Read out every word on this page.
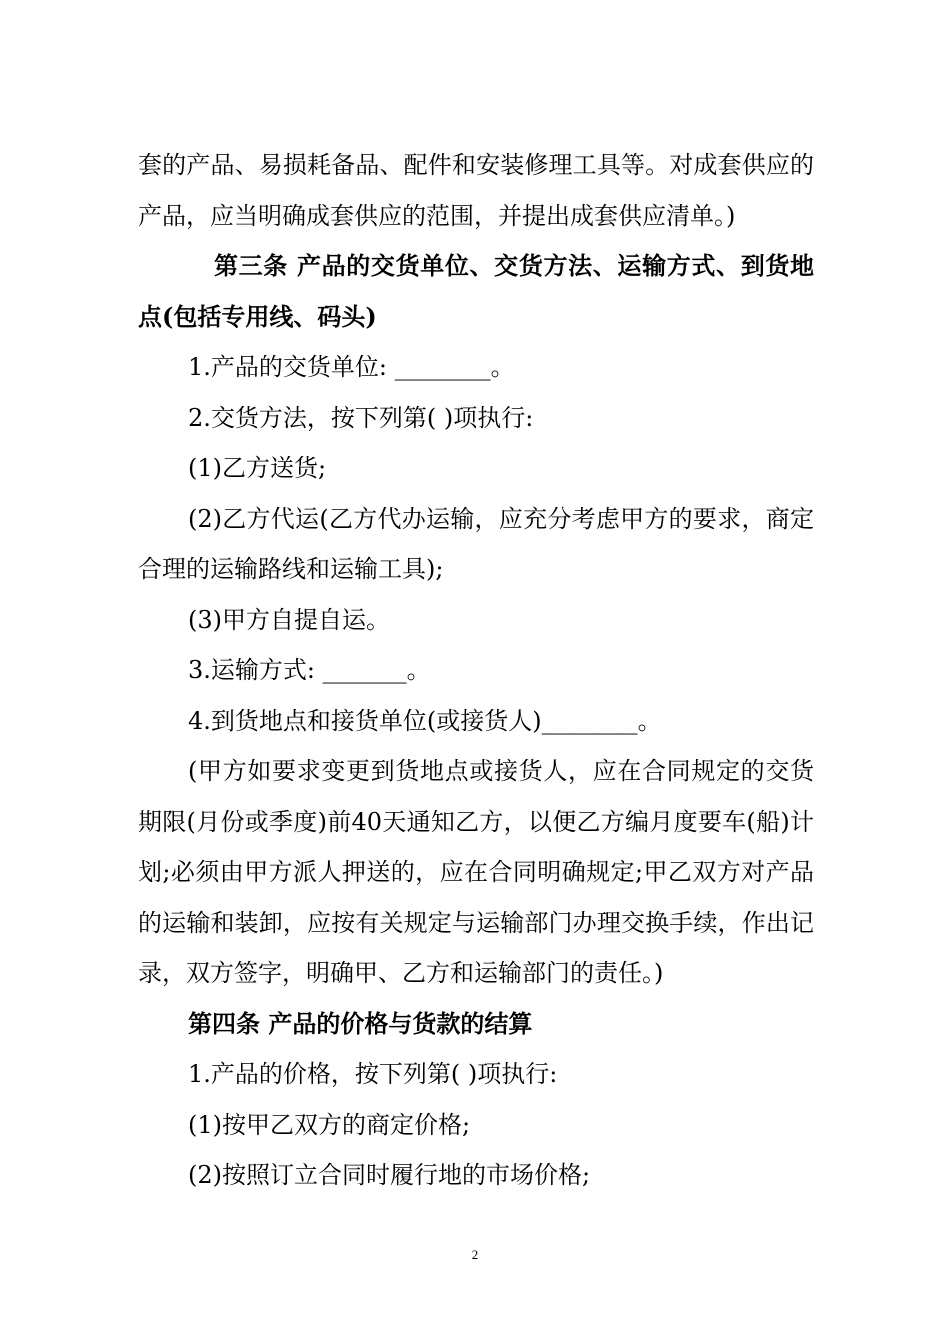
套的产品、易损耗备品、配件和安装修理工具等。对成套供应的产品，应当明确成套供应的范围，并提出成套供应清单。)

第三条 产品的交货单位、交货方法、运输方式、到货地点(包括专用线、码头)

1.产品的交货单位: ________。

2.交货方法，按下列第( )项执行:

(1)乙方送货;

(2)乙方代运(乙方代办运输，应充分考虑甲方的要求，商定合理的运输路线和运输工具);

(3)甲方自提自运。

3.运输方式: _______。

4.到货地点和接货单位(或接货人)________。

(甲方如要求变更到货地点或接货人，应在合同规定的交货期限(月份或季度)前40天通知乙方，以便乙方编月度要车(船)计划;必须由甲方派人押送的，应在合同明确规定;甲乙双方对产品的运输和装卸，应按有关规定与运输部门办理交换手续，作出记录，双方签字，明确甲、乙方和运输部门的责任。)

第四条 产品的价格与货款的结算

1.产品的价格，按下列第( )项执行:

(1)按甲乙双方的商定价格;

(2)按照订立合同时履行地的市场价格;

2
